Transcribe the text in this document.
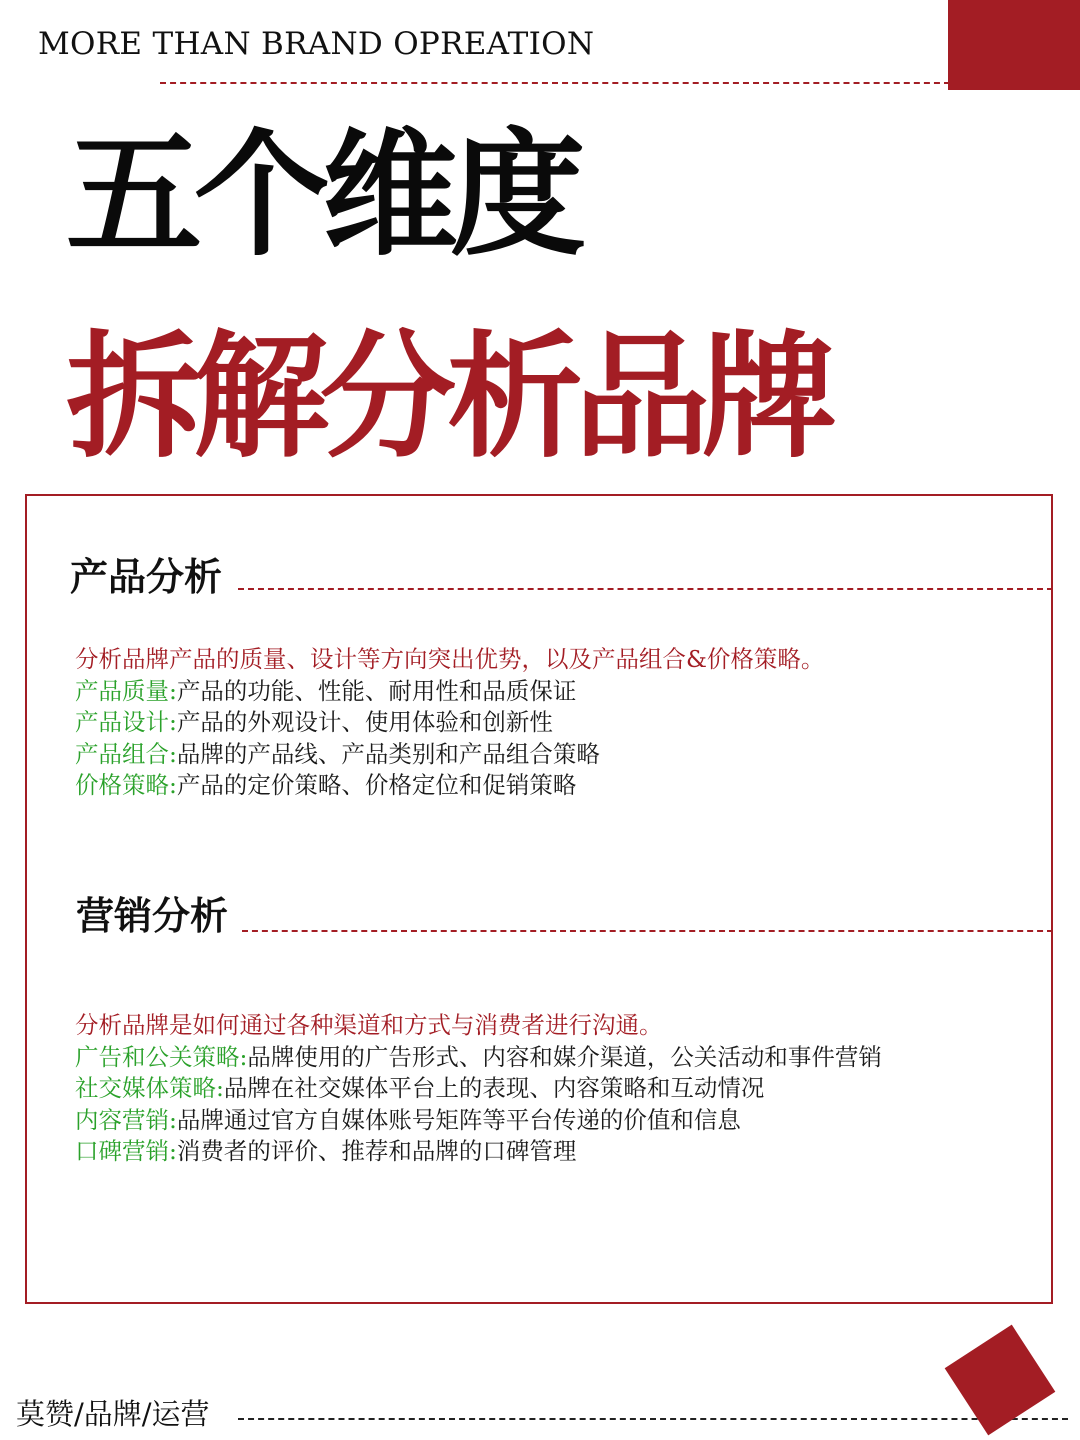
MORE THAN BRAND OPREATION
五个维度
拆解分析品牌
产品分析
分析品牌产品的质量、设计等方向突出优势，以及产品组合&价格策略。
产品质量:产品的功能、性能、耐用性和品质保证
产品设计:产品的外观设计、使用体验和创新性
产品组合:品牌的产品线、产品类别和产品组合策略
价格策略:产品的定价策略、价格定位和促销策略
营销分析
分析品牌是如何通过各种渠道和方式与消费者进行沟通。
广告和公关策略:品牌使用的广告形式、内容和媒介渠道，公关活动和事件营销
社交媒体策略:品牌在社交媒体平台上的表现、内容策略和互动情况
内容营销:品牌通过官方自媒体账号矩阵等平台传递的价值和信息
口碑营销:消费者的评价、推荐和品牌的口碑管理
莫赞/品牌/运营
